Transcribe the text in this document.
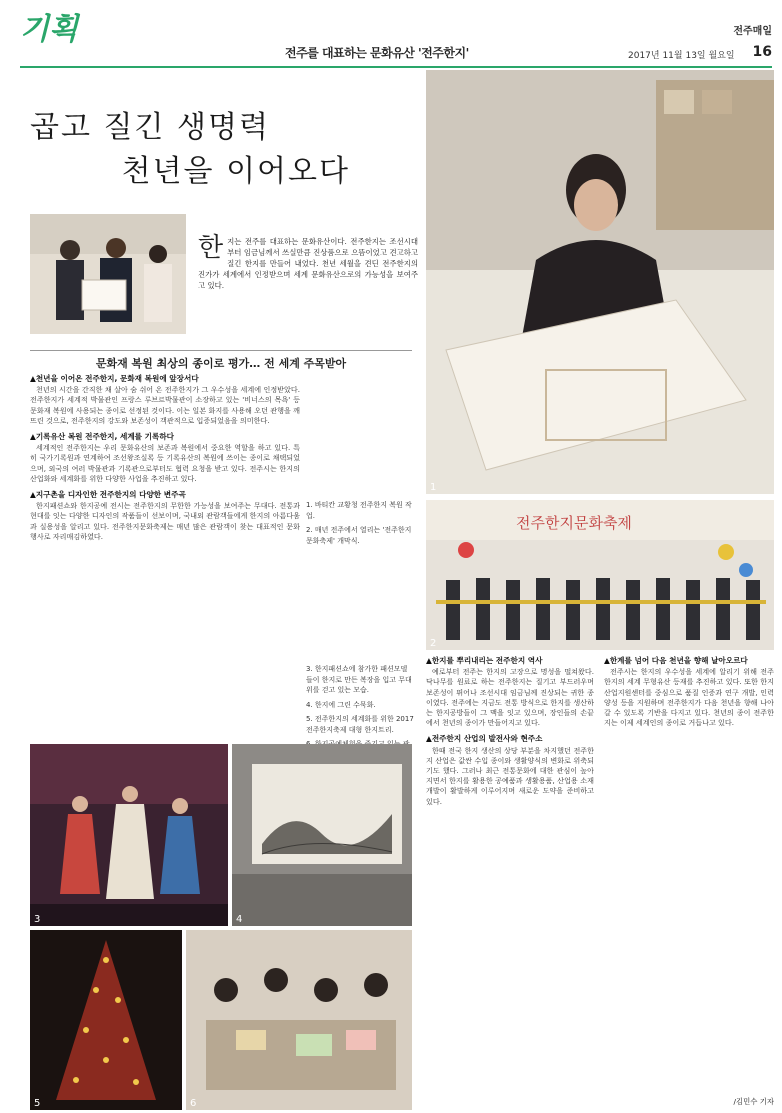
기획	전주매일
전주를 대표하는 문화유산 '전주한지'	2017년 11월 13일 월요일 16
곱고 질긴 생명력
천년을 이어오다
한 지는 전주를 대표하는 문화유산이다. 전주한지는 조선시대부터 임금님께서 쓰실만큼 진상품으로 으뜸이었고 견고하고 질긴 한지를 만들어 내었다. 천년 세월을 견딘 전주한지의 진가가 세계에서 인정받으며 세계 문화유산으로의 가능성을 보여주고 있다.
1
문화재 복원 최상의 종이로 평가… 전 세계 주목받아
▲천년을 이어온 전주한지, 문화재 복원에 앞장서다

천년의 시간을 간직한 채 살아 숨 쉬어 온 전주한지가 그 우수성을 세계에 인정받았다. 전주한지가 세계적 박물관인 프랑스 루브르박물관이 소장하고 있는 '비너스의 목욕' 등 문화재 복원에 사용되는 종이로 선정된 것이다. 이는 일본 화지를 사용해 오던 관행을 깨뜨린 것으로, 전주한지의 강도와 보존성이 객관적으로 입증되었음을 의미한다.

▲기록유산 복원 전주한지, 세계를 기록하다

세계적인 전주한지는 우리 문화유산의 보존과 복원에서 중요한 역할을 하고 있다. 특히 국가기록원과 연계하여 조선왕조실록 등 기록유산의 복원에 쓰이는 종이로 채택되었으며, 외국의 여러 박물관과 기록관으로부터도 협력 요청을 받고 있다. 전주시는 한지의 산업화와 세계화를 위한 다양한 사업을 추진하고 있다.

▲지구촌을 디자인한 전주한지의 다양한 변주곡

한지패션쇼와 한지공예 전시는 전주한지의 무한한 가능성을 보여주는 무대다. 전통과 현대를 잇는 다양한 디자인의 작품들이 선보이며, 국내외 관람객들에게 한지의 아름다움과 실용성을 알리고 있다. 전주한지문화축제는 매년 많은 관람객이 찾는 대표적인 문화행사로 자리매김하였다.

1. 바티칸 교황청 전주한지 복원 작업.

2. 매년 전주에서 열리는 '전주한지문화축제' 개막식.

3. 한지패션쇼에 참가한 패션모델들이 한지로 만든 복장을 입고 무대 위를 걷고 있는 모습.

4. 한지에 그린 수묵화.

5. 전주한지의 세계화를 위한 2017 전주한지축제 대형 한지트리.

전주한지문화축제
2
3	4
5	6
▲한지를 뿌리내리는 전주한지 역사

예로부터 전주는 한지의 고장으로 명성을 떨쳐왔다. 닥나무를 원료로 하는 전주한지는 질기고 부드러우며 보존성이 뛰어나 조선시대 임금님께 진상되는 귀한 종이였다. 전주에는 지금도 전통 방식으로 한지를 생산하는 한지공방들이 그 맥을 잇고 있으며, 장인들의 손끝에서 천년의 종이가 만들어지고 있다.

▲전주한지 산업의 발전사와 현주소

한때 전국 한지 생산의 상당 부분을 차지했던 전주한지 산업은 값싼 수입 종이와 생활양식의 변화로 위축되기도 했다. 그러나 최근 전통문화에 대한 관심이 높아지면서 한지를 활용한 공예품과 생활용품, 산업용 소재 개발이 활발하게 이루어지며 새로운 도약을 준비하고 있다.

▲한계를 넘어 다음 천년을 향해 날아오르다

전주시는 한지의 우수성을 세계에 알리기 위해 전주한지의 세계 무형유산 등재를 추진하고 있다. 또한 한지산업지원센터를 중심으로 품질 인증과 연구 개발, 인력 양성 등을 지원하며 전주한지가 다음 천년을 향해 나아갈 수 있도록 기반을 다지고 있다. 천년의 종이 전주한지는 이제 세계인의 종이로 거듭나고 있다.

/김민수 기자
